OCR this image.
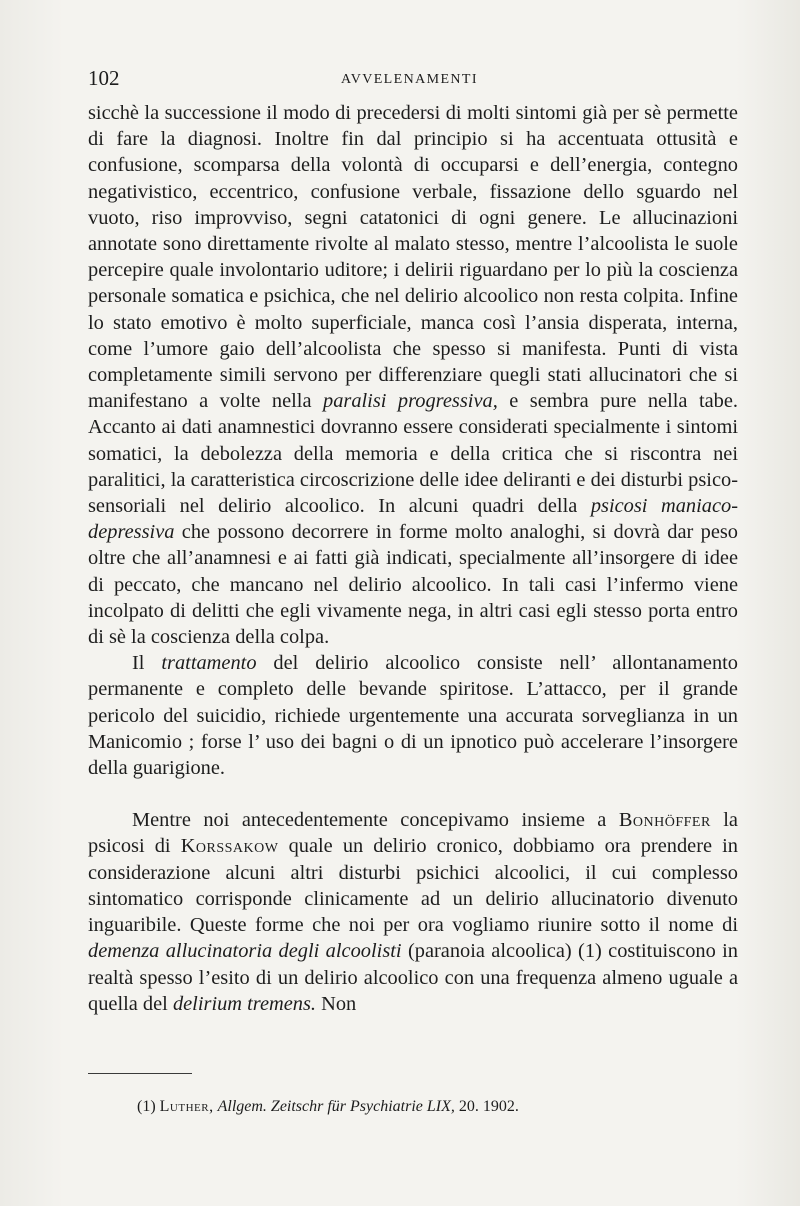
102	AVVELENAMENTI

sicchè la successione il modo di precedersi di molti sintomi già per sè permette di fare la diagnosi. Inoltre fin dal principio si ha accentuata ottusità e confusione, scomparsa della volontà di occuparsi e dell’energia, contegno negativistico, eccentrico, confusione verbale, fissazione dello sguardo nel vuoto, riso improvviso, segni catatonici di ogni genere. Le allucinazioni annotate sono direttamente rivolte al malato stesso, mentre l’alcoolista le suole percepire quale involontario uditore; i delirii riguardano per lo più la coscienza personale somatica e psichica, che nel delirio alcoolico non resta colpita. Infine lo stato emotivo è molto superficiale, manca così l’ansia disperata, interna, come l’umore gaio dell’alcoolista che spesso si manifesta. Punti di vista completamente simili servono per differenziare quegli stati allucinatori che si manifestano a volte nella paralisi progressiva, e sembra pure nella tabe. Accanto ai dati anamnestici dovranno essere considerati specialmente i sintomi somatici, la debolezza della memoria e della critica che si riscontra nei paralitici, la caratteristica circoscrizione delle idee deliranti e dei disturbi psico-sensoriali nel delirio alcoolico. In alcuni quadri della psicosi maniaco-depressiva che possono decorrere in forme molto analoghi, si dovrà dar peso oltre che all’anamnesi e ai fatti già indicati, specialmente all’insorgere di idee di peccato, che mancano nel delirio alcoolico. In tali casi l’infermo viene incolpato di delitti che egli vivamente nega, in altri casi egli stesso porta entro di sè la coscienza della colpa.

Il trattamento del delirio alcoolico consiste nell’ allontanamento permanente e completo delle bevande spiritose. L’attacco, per il grande pericolo del suicidio, richiede urgentemente una accurata sorveglianza in un Manicomio ; forse l’ uso dei bagni o di un ipnotico può accelerare l’insorgere della guarigione.

Mentre noi antecedentemente concepivamo insieme a Bonhöffer la psicosi di Korssakow quale un delirio cronico, dobbiamo ora prendere in considerazione alcuni altri disturbi psichici alcoolici, il cui complesso sintomatico corrisponde clinicamente ad un delirio allucinatorio divenuto inguaribile. Queste forme che noi per ora vogliamo riunire sotto il nome di demenza allucinatoria degli alcoolisti (paranoia alcoolica) (1) costituiscono in realtà spesso l’esito di un delirio alcoolico con una frequenza almeno uguale a quella del delirium tremens. Non

(1) Luther, Allgem. Zeitschr für Psychiatrie LIX, 20. 1902.
